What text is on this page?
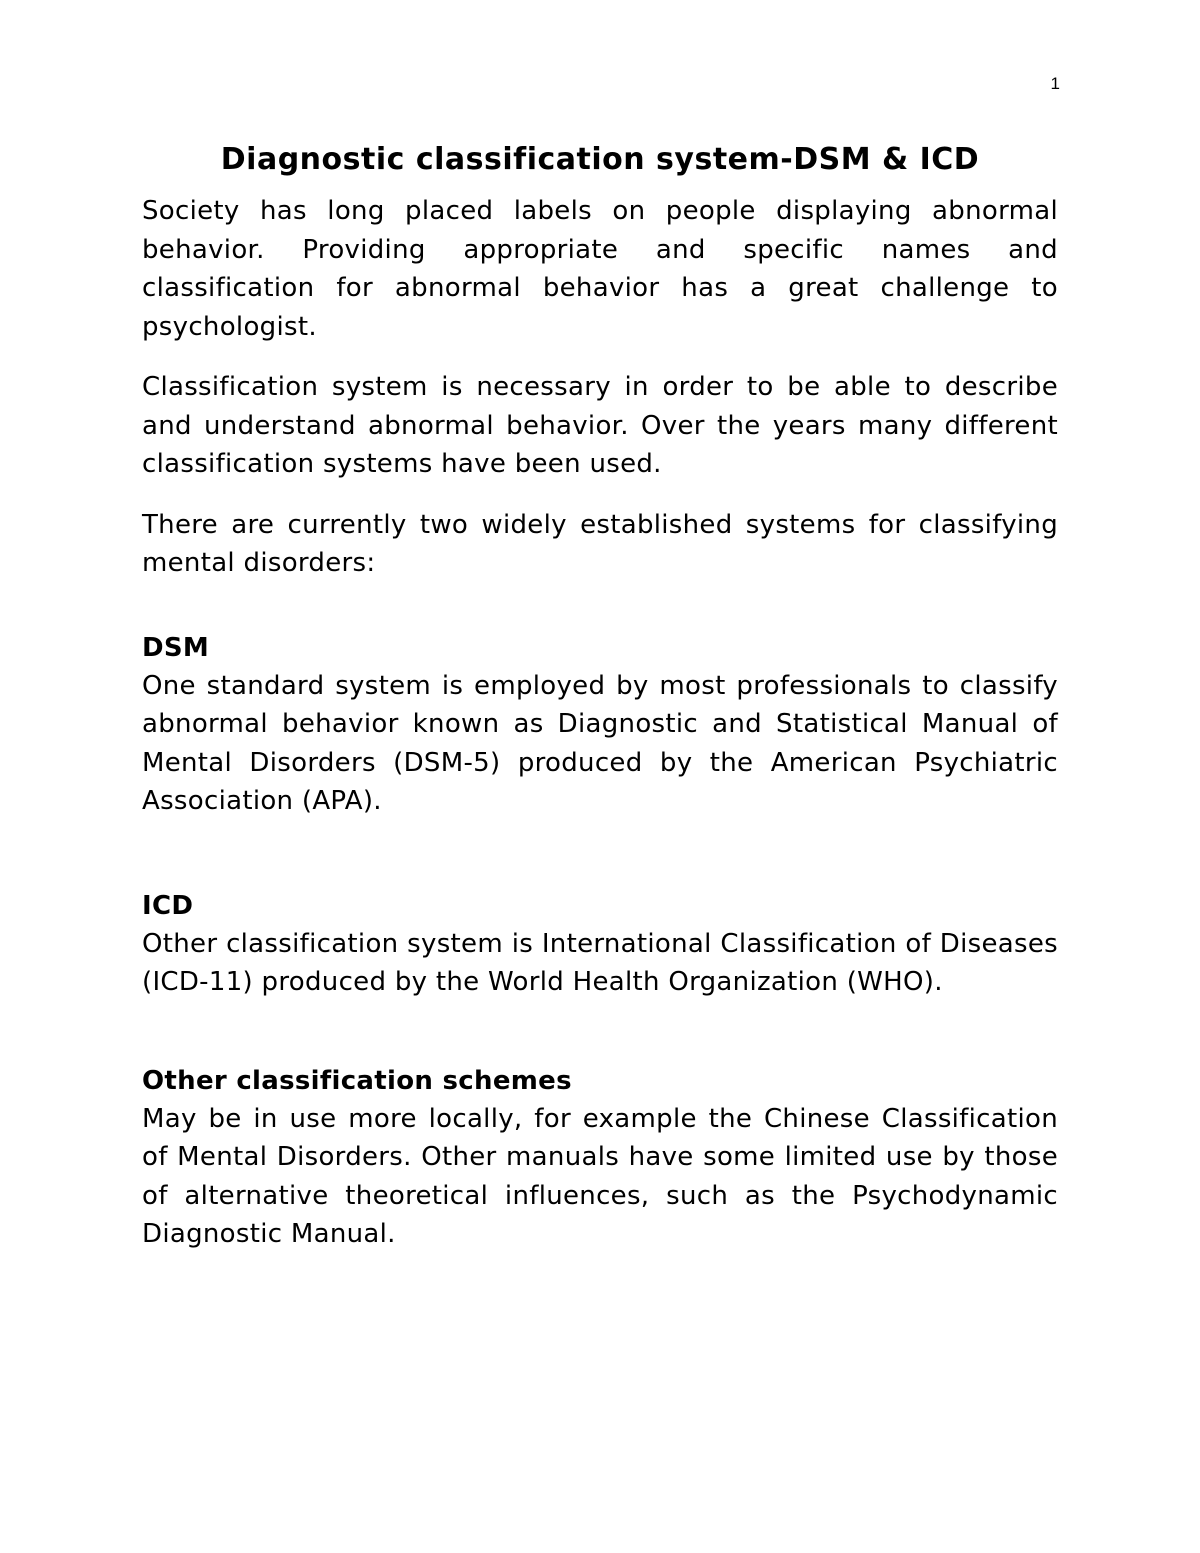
1
Diagnostic classification system-DSM & ICD

Society has long placed labels on people displaying abnormal behavior. Providing appropriate and specific names and classification for abnormal behavior has a great challenge to psychologist.

Classification system is necessary in order to be able to describe and understand abnormal behavior. Over the years many different classification systems have been used.

There are currently two widely established systems for classifying mental disorders:

DSM

One standard system is employed by most professionals to classify abnormal behavior known as Diagnostic and Statistical Manual of Mental Disorders (DSM-5) produced by the American Psychiatric Association (APA).

ICD

Other classification system is International Classification of Diseases (ICD-11) produced by the World Health Organization (WHO).

Other classification schemes

May be in use more locally, for example the Chinese Classification of Mental Disorders. Other manuals have some limited use by those of alternative theoretical influences, such as the Psychodynamic Diagnostic Manual.
